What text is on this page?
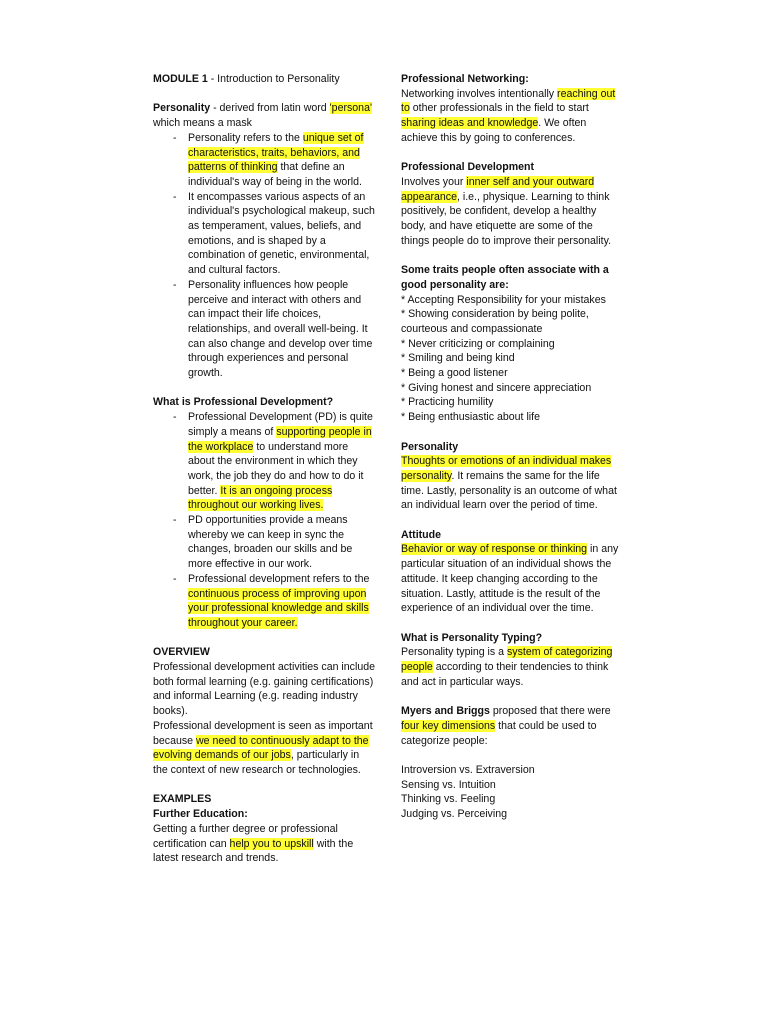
MODULE 1 - Introduction to Personality

Personality - derived from latin word 'persona' which means a mask

- Personality refers to the unique set of characteristics, traits, behaviors, and patterns of thinking that define an individual's way of being in the world.
- It encompasses various aspects of an individual's psychological makeup, such as temperament, values, beliefs, and emotions, and is shaped by a combination of genetic, environmental, and cultural factors.
- Personality influences how people perceive and interact with others and can impact their life choices, relationships, and overall well-being. It can also change and develop over time through experiences and personal growth.

What is Professional Development?

- Professional Development (PD) is quite simply a means of supporting people in the workplace to understand more about the environment in which they work, the job they do and how to do it better. It is an ongoing process throughout our working lives.
- PD opportunities provide a means whereby we can keep in sync the changes, broaden our skills and be more effective in our work.
- Professional development refers to the continuous process of improving upon your professional knowledge and skills throughout your career.

OVERVIEW

Professional development activities can include both formal learning (e.g. gaining certifications) and informal Learning (e.g. reading industry books).

Professional development is seen as important because we need to continuously adapt to the evolving demands of our jobs, particularly in the context of new research or technologies.

EXAMPLES

Further Education:

Getting a further degree or professional certification can help you to upskill with the latest research and trends.

Professional Networking:

Networking involves intentionally reaching out to other professionals in the field to start sharing ideas and knowledge. We often achieve this by going to conferences.

Professional Development

Involves your inner self and your outward appearance, i.e., physique. Learning to think positively, be confident, develop a healthy body, and have etiquette are some of the things people do to improve their personality.

Some traits people often associate with a good personality are:

* Accepting Responsibility for your mistakes

* Showing consideration by being polite, courteous and compassionate

* Never criticizing or complaining

* Smiling and being kind

* Being a good listener

* Giving honest and sincere appreciation

* Practicing humility

* Being enthusiastic about life

Personality

Thoughts or emotions of an individual makes personality. It remains the same for the life time. Lastly, personality is an outcome of what an individual learn over the period of time.

Attitude

Behavior or way of response or thinking in any particular situation of an individual shows the attitude. It keep changing according to the situation. Lastly, attitude is the result of the experience of an individual over the time.

What is Personality Typing?

Personality typing is a system of categorizing people according to their tendencies to think and act in particular ways.

Myers and Briggs proposed that there were four key dimensions that could be used to categorize people:

Introversion vs. Extraversion

Sensing vs. Intuition

Thinking vs. Feeling

Judging vs. Perceiving
